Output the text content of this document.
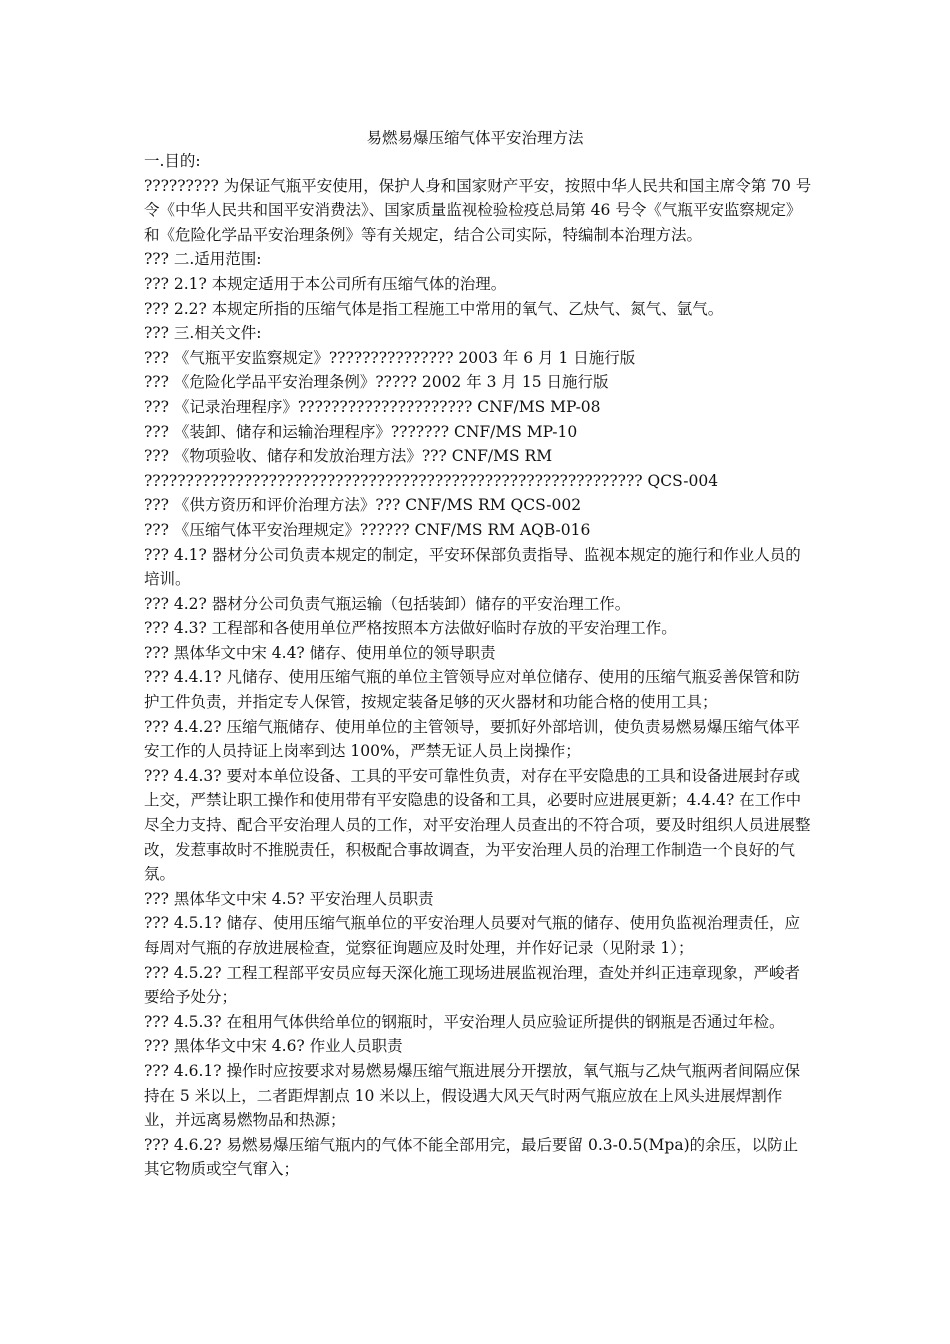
易燃易爆压缩气体平安治理方法

一.目的:

????????? 为保证气瓶平安使用，保护人身和国家财产平安，按照中华人民共和国主席令第 70 号令《中华人民共和国平安消费法》、国家质量监视检验检疫总局第 46 号令《气瓶平安监察规定》和《危险化学品平安治理条例》等有关规定，结合公司实际，特编制本治理方法。

??? 二.适用范围:

??? 2.1? 本规定适用于本公司所有压缩气体的治理。

??? 2.2? 本规定所指的压缩气体是指工程施工中常用的氧气、乙炔气、氮气、氩气。

??? 三.相关文件:

??? 《气瓶平安监察规定》??????????????? 2003 年 6 月 1 日施行版

??? 《危险化学品平安治理条例》????? 2002 年 3 月 15 日施行版

??? 《记录治理程序》????????????????????? CNF/MS MP-08

??? 《装卸、储存和运输治理程序》??????? CNF/MS MP-10

??? 《物项验收、储存和发放治理方法》??? CNF/MS RM

???????????????????????????????????????????????????????????? QCS-004

??? 《供方资历和评价治理方法》??? CNF/MS RM QCS-002

??? 《压缩气体平安治理规定》?????? CNF/MS RM AQB-016

??? 4.1? 器材分公司负责本规定的制定，平安环保部负责指导、监视本规定的施行和作业人员的培训。

??? 4.2? 器材分公司负责气瓶运输（包括装卸）储存的平安治理工作。

??? 4.3? 工程部和各使用单位严格按照本方法做好临时存放的平安治理工作。

??? 黑体华文中宋 4.4? 储存、使用单位的领导职责

??? 4.4.1? 凡储存、使用压缩气瓶的单位主管领导应对单位储存、使用的压缩气瓶妥善保管和防护工件负责，并指定专人保管，按规定装备足够的灭火器材和功能合格的使用工具；

??? 4.4.2? 压缩气瓶储存、使用单位的主管领导，要抓好外部培训，使负责易燃易爆压缩气体平安工作的人员持证上岗率到达 100%，严禁无证人员上岗操作；

??? 4.4.3? 要对本单位设备、工具的平安可靠性负责，对存在平安隐患的工具和设备进展封存或上交，严禁让职工操作和使用带有平安隐患的设备和工具，必要时应进展更新；4.4.4? 在工作中尽全力支持、配合平安治理人员的工作，对平安治理人员查出的不符合项，要及时组织人员进展整改，发惹事故时不推脱责任，积极配合事故调查，为平安治理人员的治理工作制造一个良好的气氛。

??? 黑体华文中宋 4.5? 平安治理人员职责

??? 4.5.1? 储存、使用压缩气瓶单位的平安治理人员要对气瓶的储存、使用负监视治理责任，应每周对气瓶的存放进展检查，觉察征询题应及时处理，并作好记录（见附录 1）；

??? 4.5.2? 工程工程部平安员应每天深化施工现场进展监视治理，查处并纠正违章现象，严峻者要给予处分；

??? 4.5.3? 在租用气体供给单位的钢瓶时，平安治理人员应验证所提供的钢瓶是否通过年检。

??? 黑体华文中宋 4.6? 作业人员职责

??? 4.6.1? 操作时应按要求对易燃易爆压缩气瓶进展分开摆放，氧气瓶与乙炔气瓶两者间隔应保持在 5 米以上，二者距焊割点 10 米以上，假设遇大风天气时两气瓶应放在上风头进展焊割作业，并远离易燃物品和热源；

??? 4.6.2? 易燃易爆压缩气瓶内的气体不能全部用完，最后要留 0.3-0.5(Mpa)的余压，以防止其它物质或空气窜入；
